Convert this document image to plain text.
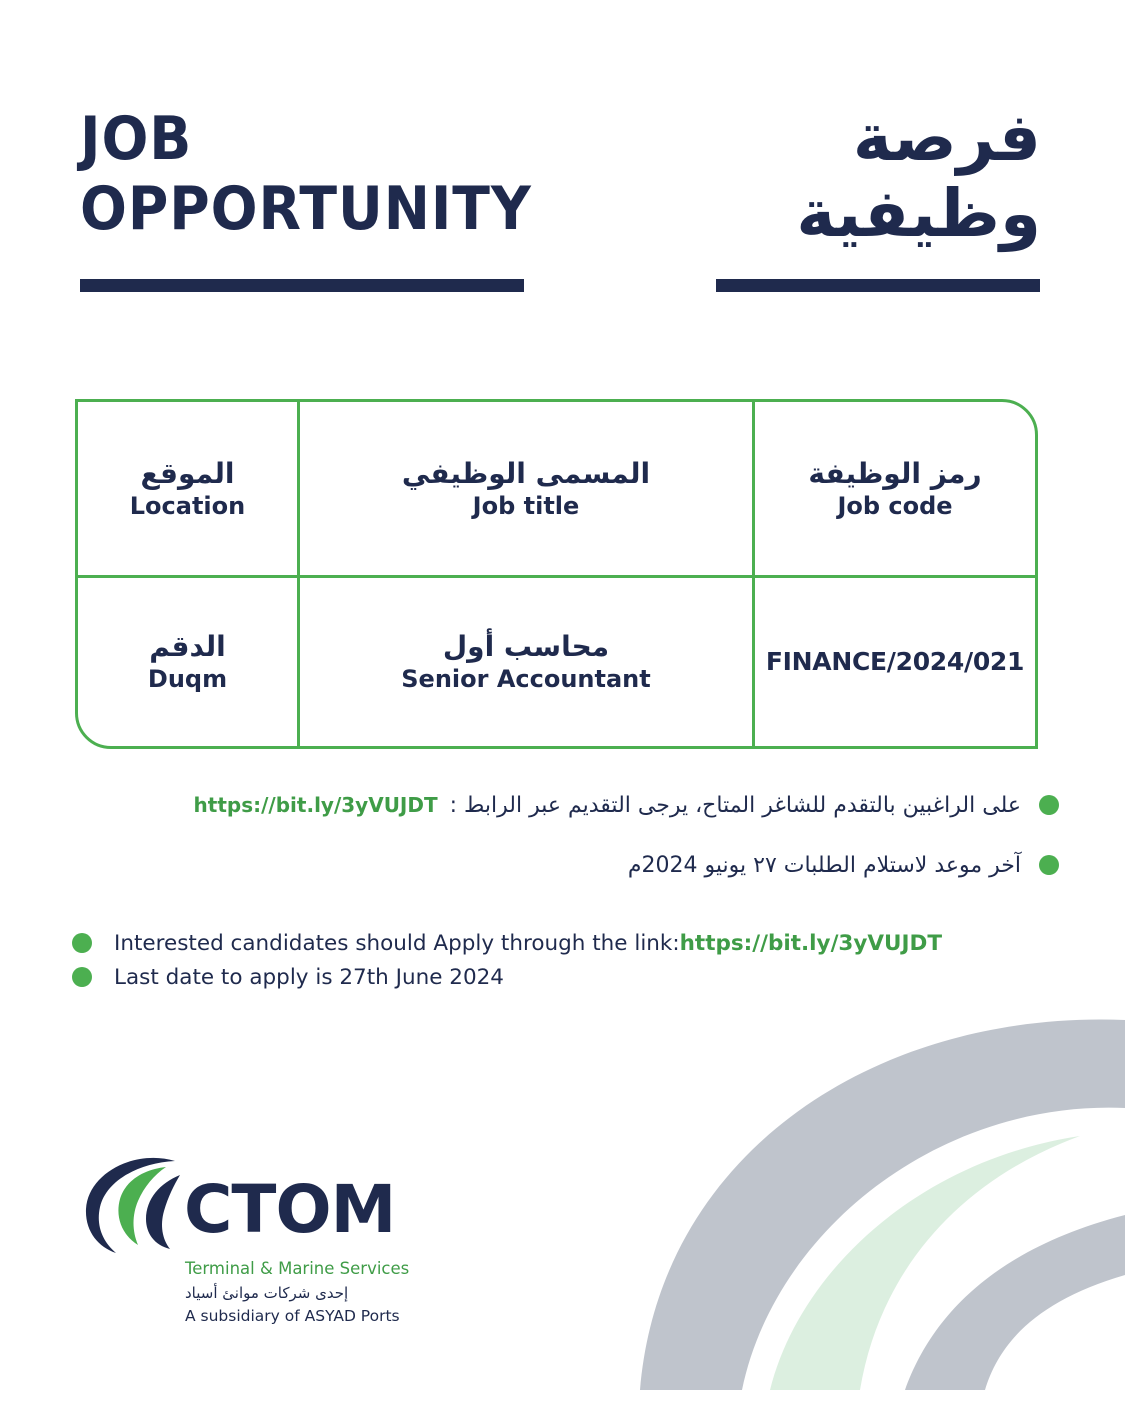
JOB
OPPORTUNITY
فرصة
وظيفية
الموقع
Location
المسمى الوظيفي
Job title
رمز الوظيفة
Job code
الدقم
Duqm
محاسب أول
Senior Accountant
FINANCE/2024/021
على الراغبين بالتقدم للشاغر المتاح، يرجى التقديم عبر الرابط :
https://bit.ly/3yVUJDT
آخر موعد لاستلام الطلبات ٢٧ يونيو 2024م
Interested candidates should Apply through the link: https://bit.ly/3yVUJDT
Last date to apply is 27th June 2024
CTOM
Terminal & Marine Services
إحدى شركات موانئ أسياد
A subsidiary of ASYAD Ports
